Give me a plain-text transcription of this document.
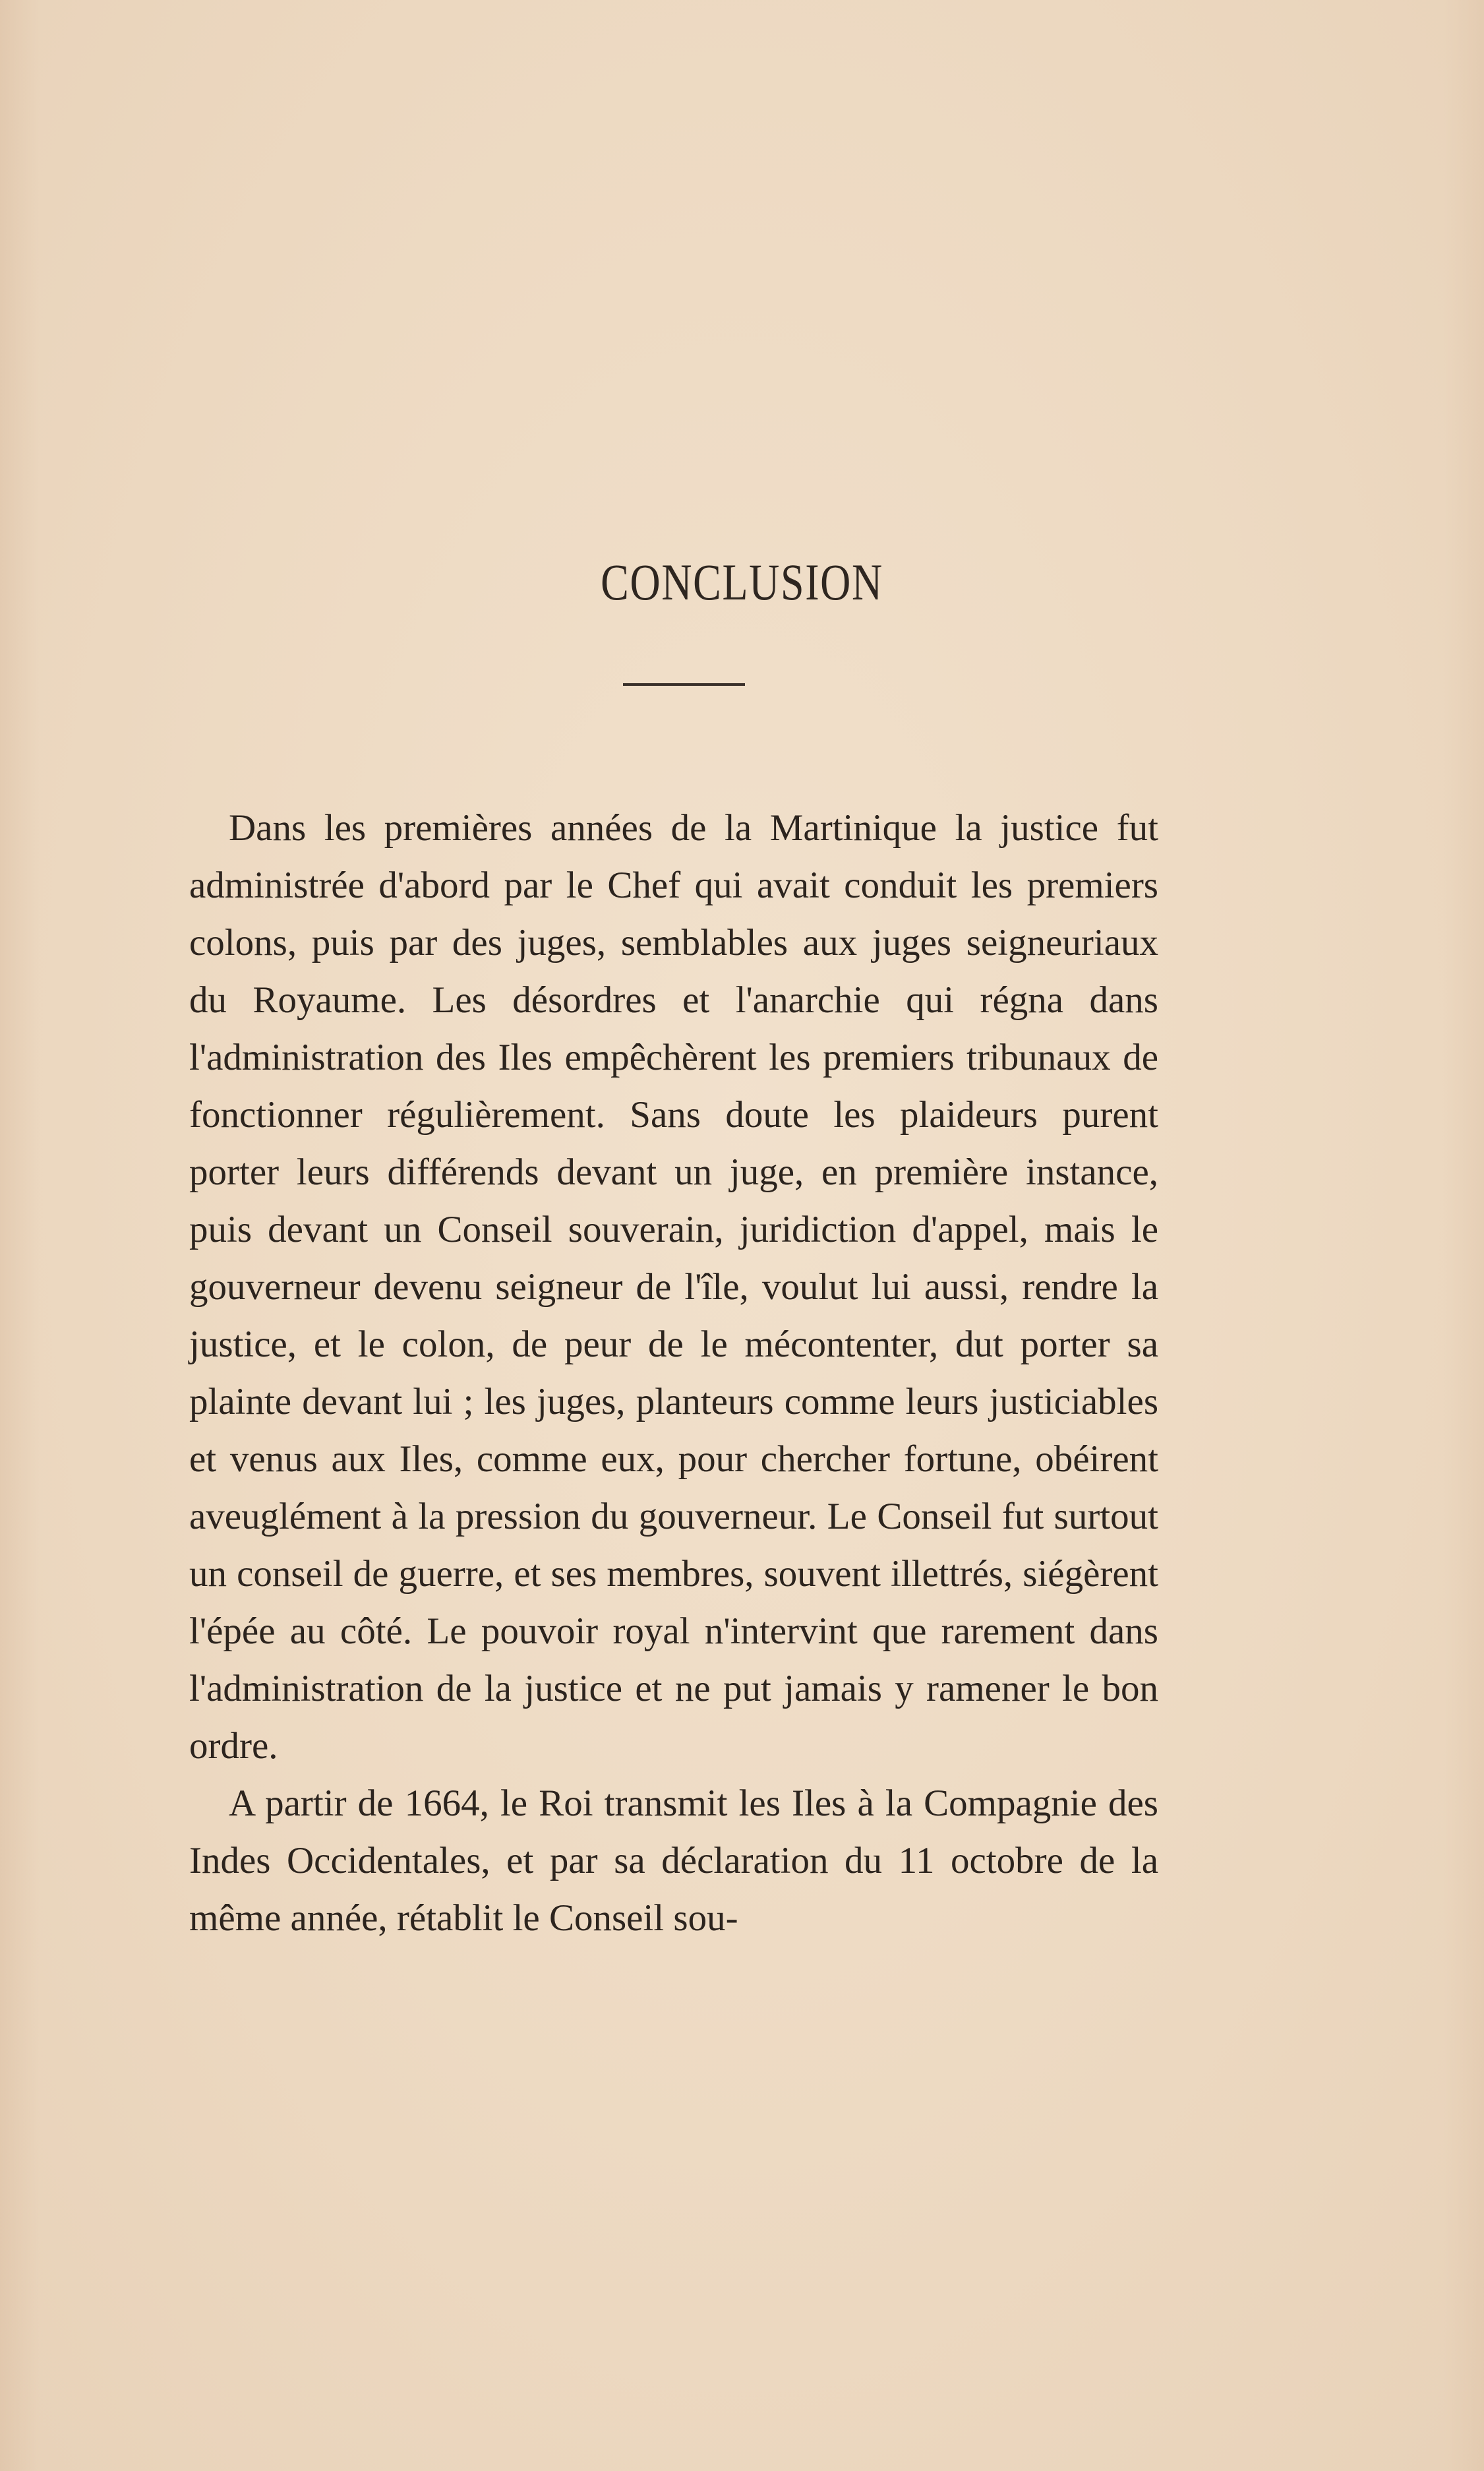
CONCLUSION

Dans les premières années de la Martinique la justice fut administrée d'abord par le Chef qui avait conduit les premiers colons, puis par des juges, semblables aux juges seigneuriaux du Royaume. Les désordres et l'anarchie qui régna dans l'administration des Iles empêchèrent les premiers tribunaux de fonctionner régulièrement. Sans doute les plaideurs purent porter leurs différends devant un juge, en première instance, puis devant un Conseil souverain, juridiction d'appel, mais le gouverneur devenu seigneur de l'île, voulut lui aussi, rendre la justice, et le colon, de peur de le mécontenter, dut porter sa plainte devant lui ; les juges, planteurs comme leurs justiciables et venus aux Iles, comme eux, pour chercher fortune, obéirent aveuglément à la pression du gouverneur. Le Conseil fut surtout un conseil de guerre, et ses membres, souvent illettrés, siégèrent l'épée au côté. Le pouvoir royal n'intervint que rarement dans l'administration de la justice et ne put jamais y ramener le bon ordre.

A partir de 1664, le Roi transmit les Iles à la Compagnie des Indes Occidentales, et par sa déclaration du 11 octobre de la même année, rétablit le Conseil sou-
